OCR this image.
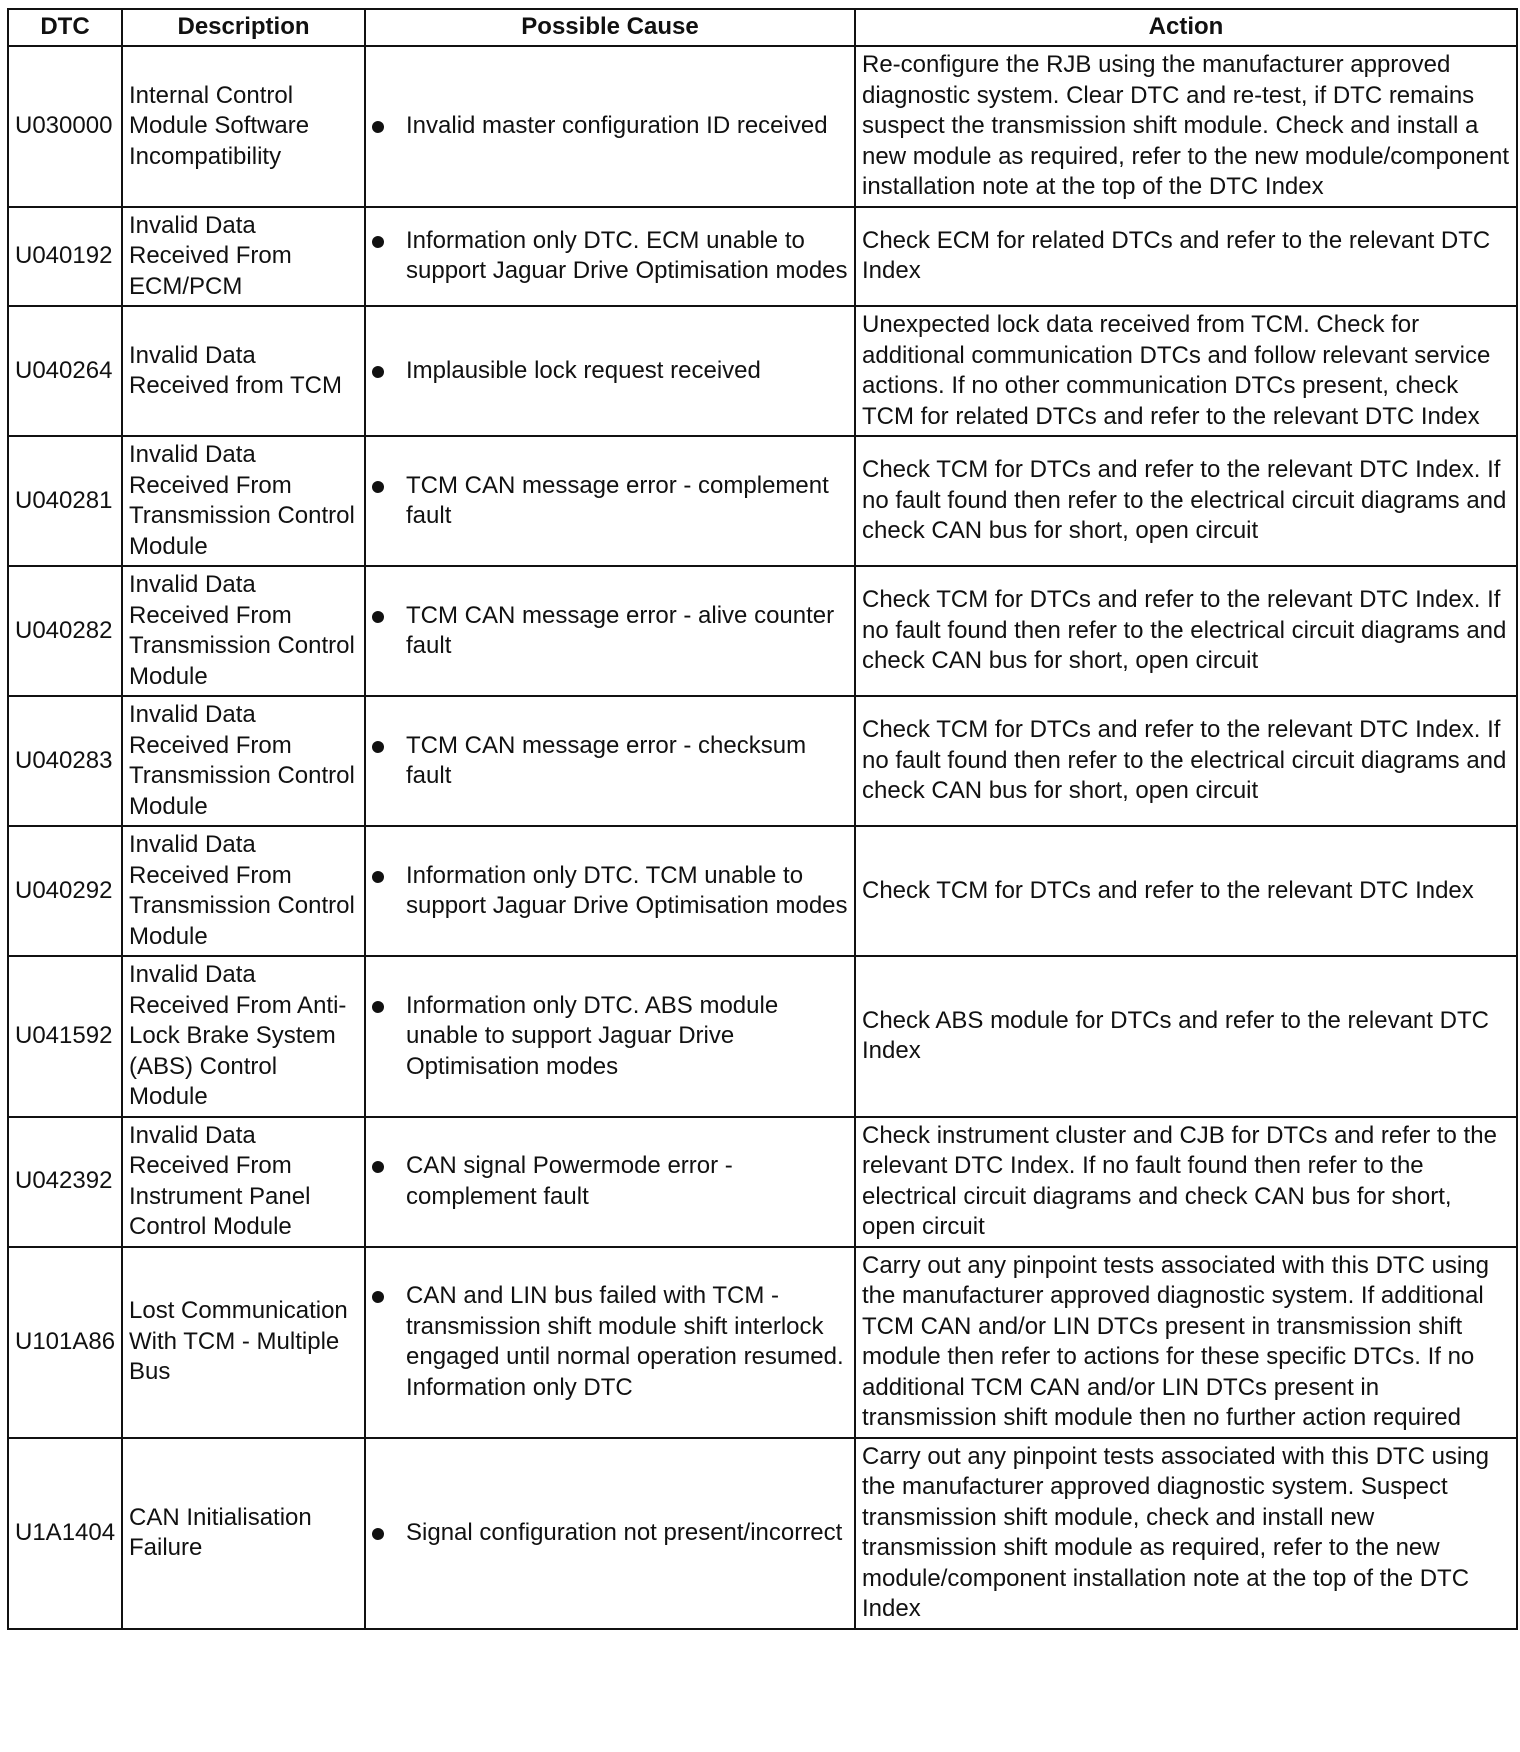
DTC	Description	Possible Cause	Action
U030000	Internal Control Module Software Incompatibility	Invalid master configuration ID received	Re-configure the RJB using the manufacturer approved diagnostic system. Clear DTC and re-test, if DTC remains suspect the transmission shift module. Check and install a new module as required, refer to the new module/component installation note at the top of the DTC Index
U040192	Invalid Data Received From ECM/PCM	Information only DTC. ECM unable to support Jaguar Drive Optimisation modes	Check ECM for related DTCs and refer to the relevant DTC Index
U040264	Invalid Data Received from TCM	Implausible lock request received	Unexpected lock data received from TCM. Check for additional communication DTCs and follow relevant service actions. If no other communication DTCs present, check TCM for related DTCs and refer to the relevant DTC Index
U040281	Invalid Data Received From Transmission Control Module	TCM CAN message error - complement fault	Check TCM for DTCs and refer to the relevant DTC Index. If no fault found then refer to the electrical circuit diagrams and check CAN bus for short, open circuit
U040282	Invalid Data Received From Transmission Control Module	TCM CAN message error - alive counter fault	Check TCM for DTCs and refer to the relevant DTC Index. If no fault found then refer to the electrical circuit diagrams and check CAN bus for short, open circuit
U040283	Invalid Data Received From Transmission Control Module	TCM CAN message error - checksum fault	Check TCM for DTCs and refer to the relevant DTC Index. If no fault found then refer to the electrical circuit diagrams and check CAN bus for short, open circuit
U040292	Invalid Data Received From Transmission Control Module	Information only DTC. TCM unable to support Jaguar Drive Optimisation modes	Check TCM for DTCs and refer to the relevant DTC Index
U041592	Invalid Data Received From Anti-Lock Brake System (ABS) Control Module	Information only DTC. ABS module unable to support Jaguar Drive Optimisation modes	Check ABS module for DTCs and refer to the relevant DTC Index
U042392	Invalid Data Received From Instrument Panel Control Module	CAN signal Powermode error - complement fault	Check instrument cluster and CJB for DTCs and refer to the relevant DTC Index. If no fault found then refer to the electrical circuit diagrams and check CAN bus for short, open circuit
U101A86	Lost Communication With TCM - Multiple Bus	CAN and LIN bus failed with TCM - transmission shift module shift interlock engaged until normal operation resumed. Information only DTC	Carry out any pinpoint tests associated with this DTC using the manufacturer approved diagnostic system. If additional TCM CAN and/or LIN DTCs present in transmission shift module then refer to actions for these specific DTCs. If no additional TCM CAN and/or LIN DTCs present in transmission shift module then no further action required
U1A1404	CAN Initialisation Failure	Signal configuration not present/incorrect	Carry out any pinpoint tests associated with this DTC using the manufacturer approved diagnostic system. Suspect transmission shift module, check and install new transmission shift module as required, refer to the new module/component installation note at the top of the DTC Index
